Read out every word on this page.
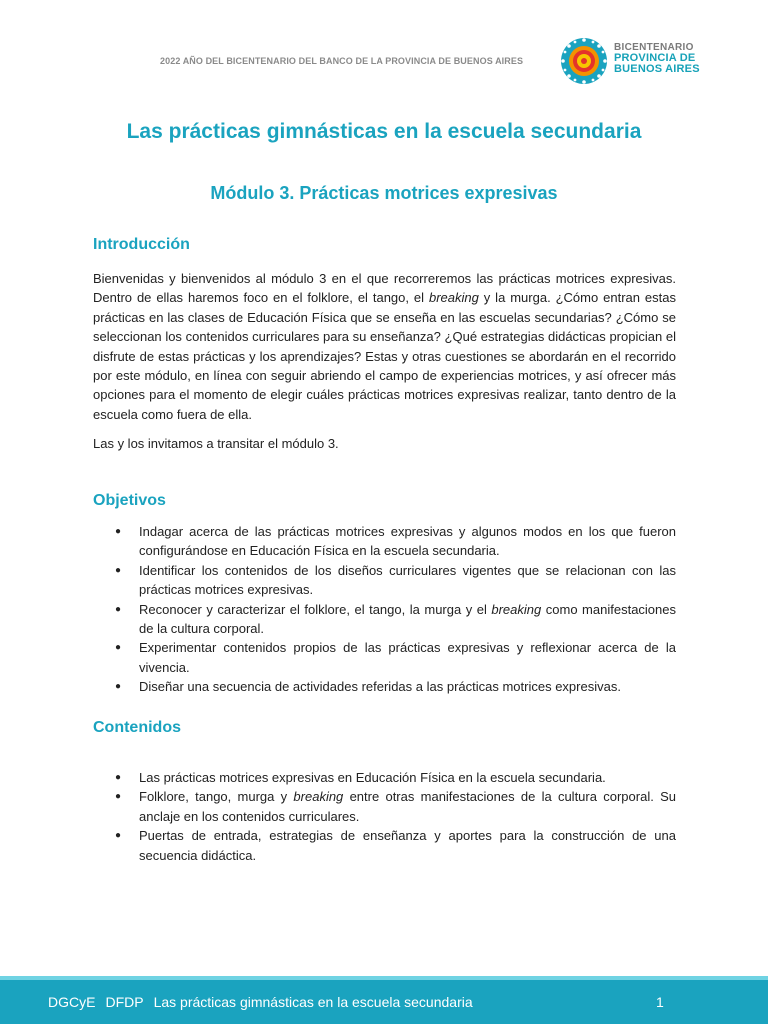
2022 AÑO DEL BICENTENARIO DEL BANCO DE LA PROVINCIA DE BUENOS AIRES
BICENTENARIO
PROVINCIA DE
BUENOS AIRES
Las prácticas gimnásticas en la escuela secundaria
Módulo 3. Prácticas motrices expresivas
Introducción

Bienvenidas y bienvenidos al módulo 3 en el que recorreremos las prácticas motrices expresivas. Dentro de ellas haremos foco en el folklore, el tango, el breaking y la murga. ¿Cómo entran estas prácticas en las clases de Educación Física que se enseña en las escuelas secundarias? ¿Cómo se seleccionan los contenidos curriculares para su enseñanza? ¿Qué estrategias didácticas propician el disfrute de estas prácticas y los aprendizajes? Estas y otras cuestiones se abordarán en el recorrido por este módulo, en línea con seguir abriendo el campo de experiencias motrices, y así ofrecer más opciones para el momento de elegir cuáles prácticas motrices expresivas realizar, tanto dentro de la escuela como fuera de ella.

Las y los invitamos a transitar el módulo 3.

Objetivos
● Indagar acerca de las prácticas motrices expresivas y algunos modos en los que fueron configurándose en Educación Física en la escuela secundaria.
● Identificar los contenidos de los diseños curriculares vigentes que se relacionan con las prácticas motrices expresivas.
● Reconocer y caracterizar el folklore, el tango, la murga y el breaking como manifestaciones de la cultura corporal.
● Experimentar contenidos propios de las prácticas expresivas y reflexionar acerca de la vivencia.
● Diseñar una secuencia de actividades referidas a las prácticas motrices expresivas.
Contenidos
● Las prácticas motrices expresivas en Educación Física en la escuela secundaria.
● Folklore, tango, murga y breaking entre otras manifestaciones de la cultura corporal. Su anclaje en los contenidos curriculares.
● Puertas de entrada, estrategias de enseñanza y aportes para la construcción de una secuencia didáctica.
DGCyE DFDP Las prácticas gimnásticas en la escuela secundaria	1
